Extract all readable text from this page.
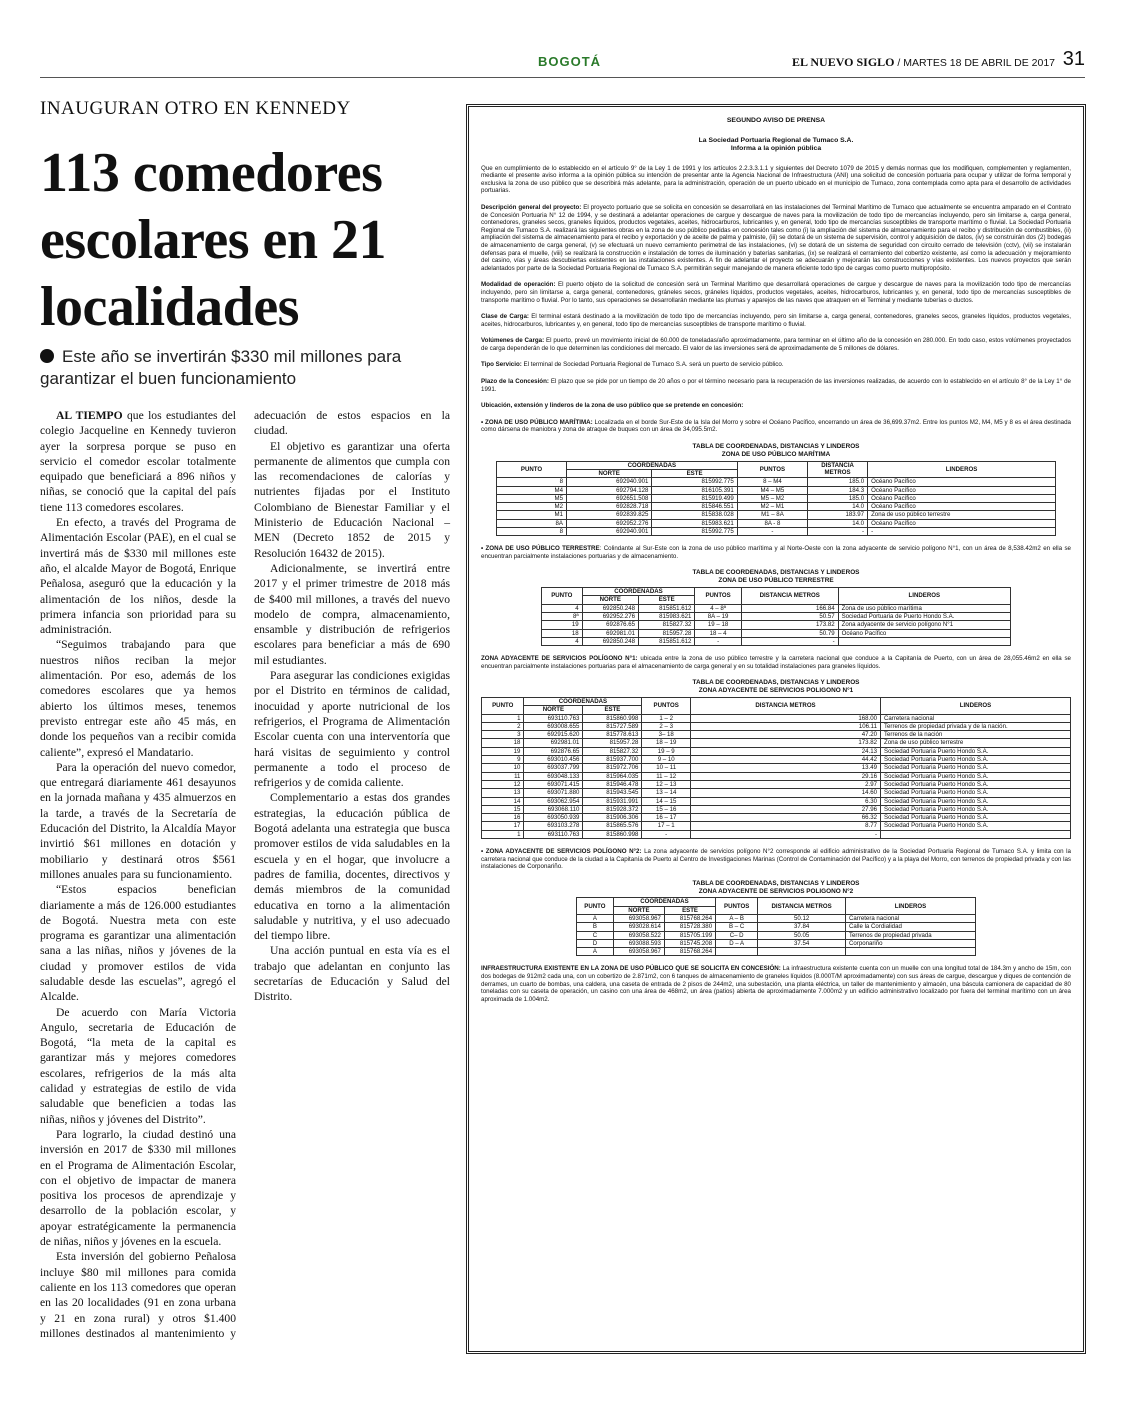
BOGOTÁ	EL NUEVO SIGLO / MARTES 18 DE ABRIL DE 2017 31
INAUGURAN OTRO EN KENNEDY
113 comedores escolares en 21 localidades
Este año se invertirán $330 mil millones para garantizar el buen funcionamiento

AL TIEMPO que los estudiantes del colegio Jacqueline en Kennedy tuvieron ayer la sorpresa porque se puso en servicio el comedor escolar totalmente equipado que beneficiará a 896 niños y niñas, se conoció que la capital del país tiene 113 comedores escolares.

En efecto, a través del Programa de Alimentación Escolar (PAE), en el cual se invertirá más de $330 mil millones este año, el alcalde Mayor de Bogotá, Enrique Peñalosa, aseguró que la educación y la alimentación de los niños, desde la primera infancia son prioridad para su administración.

“Seguimos trabajando para que nuestros niños reciban la mejor alimentación. Por eso, además de los comedores escolares que ya hemos abierto los últimos meses, tenemos previsto entregar este año 45 más, en donde los pequeños van a recibir comida caliente”, expresó el Mandatario.

Para la operación del nuevo comedor, que entregará diariamente 461 desayunos en la jornada mañana y 435 almuerzos en la tarde, a través de la Secretaría de Educación del Distrito, la Alcaldía Mayor invirtió $61 millones en dotación y mobiliario y destinará otros $561 millones anuales para su funcionamiento.

“Estos espacios benefician diariamente a más de 126.000 estudiantes de Bogotá. Nuestra meta con este programa es garantizar una alimentación sana a las niñas, niños y jóvenes de la ciudad y promover estilos de vida saludable desde las escuelas”, agregó el Alcalde.

De acuerdo con María Victoria Angulo, secretaria de Educación de Bogotá, “la meta de la capital es garantizar más y mejores comedores escolares, refrigerios de la más alta calidad y estrategias de estilo de vida saludable que beneficien a todas las niñas, niños y jóvenes del Distrito”.

Para lograrlo, la ciudad destinó una inversión en 2017 de $330 mil millones en el Programa de Alimentación Escolar, con el objetivo de impactar de manera positiva los procesos de aprendizaje y desarrollo de la población escolar, y apoyar estratégicamente la permanencia de niñas, niños y jóvenes en la escuela.

Esta inversión del gobierno Peñalosa incluye $80 mil millones para comida caliente en los 113 comedores que operan en las 20 localidades (91 en zona urbana y 21 en zona rural) y otros $1.400 millones destinados al mantenimiento y adecuación de estos espacios en la ciudad.

El objetivo es garantizar una oferta permanente de alimentos que cumpla con las recomendaciones de calorías y nutrientes fijadas por el Instituto Colombiano de Bienestar Familiar y el Ministerio de Educación Nacional – MEN (Decreto 1852 de 2015 y Resolución 16432 de 2015).

Adicionalmente, se invertirá entre 2017 y el primer trimestre de 2018 más de $400 mil millones, a través del nuevo modelo de compra, almacenamiento, ensamble y distribución de refrigerios escolares para beneficiar a más de 690 mil estudiantes.

Para asegurar las condiciones exigidas por el Distrito en términos de calidad, inocuidad y aporte nutricional de los refrigerios, el Programa de Alimentación Escolar cuenta con una interventoría que hará visitas de seguimiento y control permanente a todo el proceso de refrigerios y de comida caliente.

Complementario a estas dos grandes estrategias, la educación pública de Bogotá adelanta una estrategia que busca promover estilos de vida saludables en la escuela y en el hogar, que involucre a padres de familia, docentes, directivos y demás miembros de la comunidad educativa en torno a la alimentación saludable y nutritiva, y el uso adecuado del tiempo libre.

Una acción puntual en esta vía es el trabajo que adelantan en conjunto las secretarías de Educación y Salud del Distrito.

SEGUNDO AVISO DE PRENSA
La Sociedad Portuaria Regional de Tumaco S.A.
Informa a la opinión pública

Que en cumplimiento de lo establecido en el artículo 9° de la Ley 1 de 1991 y los artículos 2.2.3.3.1.1 y siguientes del Decreto 1079 de 2015 y demás normas que los modifiquen, complementen y reglamenten, mediante el presente aviso informa a la opinión pública su intención de presentar ante la Agencia Nacional de Infraestructura (ANI) una solicitud de concesión portuaria para ocupar y utilizar de forma temporal y exclusiva la zona de uso público que se describirá más adelante, para la administración, operación de un puerto ubicado en el municipio de Tumaco, zona contemplada como apta para el desarrollo de actividades portuarias.

Descripción general del proyecto: El proyecto portuario que se solicita en concesión se desarrollará en las instalaciones del Terminal Marítimo de Tumaco que actualmente se encuentra amparado en el Contrato de Concesión Portuaria N° 12 de 1994, y se destinará a adelantar operaciones de cargue y descargue de naves para la movilización de todo tipo de mercancías incluyendo, pero sin limitarse a, carga general, contenedores, graneles secos, graneles líquidos, productos vegetales, aceites, hidrocarburos, lubricantes y, en general, todo tipo de mercancías susceptibles de transporte marítimo o fluvial. La Sociedad Portuaria Regional de Tumaco S.A. realizará las siguientes obras en la zona de uso público pedidas en concesión tales como (i) la ampliación del sistema de almacenamiento para el recibo y distribución de combustibles, (ii) ampliación del sistema de almacenamiento para el recibo y exportación y de aceite de palma y palmiste, (iii) se dotará de un sistema de supervisión, control y adquisición de datos, (iv) se construirán dos (2) bodegas de almacenamiento de carga general, (v) se efectuará un nuevo cerramiento perimetral de las instalaciones, (vi) se dotará de un sistema de seguridad con circuito cerrado de televisión (cctv), (vii) se instalarán defensas para el muelle, (viii) se realizará la construcción e instalación de torres de iluminación y baterías sanitarias, (ix) se realizará el cerramiento del cobertizo existente, así como la adecuación y mejoramiento del casino, vías y áreas descubiertas existentes en las instalaciones existentes. A fin de adelantar el proyecto se adecuarán y mejorarán las construcciones y vías existentes. Los nuevos proyectos que serán adelantados por parte de la Sociedad Portuaria Regional de Tumaco S.A. permitirán seguir manejando de manera eficiente todo tipo de cargas como puerto multipropósito.

Modalidad de operación: El puerto objeto de la solicitud de concesión será un Terminal Marítimo que desarrollará operaciones de cargue y descargue de naves para la movilización todo tipo de mercancías incluyendo, pero sin limitarse a, carga general, contenedores, gráneles secos, gráneles líquidos, productos vegetales, aceites, hidrocarburos, lubricantes y, en general, todo tipo de mercancías susceptibles de transporte marítimo o fluvial. Por lo tanto, sus operaciones se desarrollarán mediante las plumas y aparejos de las naves que atraquen en el Terminal y mediante tuberías o ductos.

Clase de Carga: El terminal estará destinado a la movilización de todo tipo de mercancías incluyendo, pero sin limitarse a, carga general, contenedores, graneles secos, graneles líquidos, productos vegetales, aceites, hidrocarburos, lubricantes y, en general, todo tipo de mercancías susceptibles de transporte marítimo o fluvial.

Volúmenes de Carga: El puerto, prevé un movimiento inicial de 60.000 de toneladas/año aproximadamente, para terminar en el último año de la concesión en 280.000. En todo caso, estos volúmenes proyectados de carga dependerán de lo que determinen las condiciones del mercado. El valor de las inversiones será de aproximadamente de 5 millones de dólares.

Tipo Servicio: El terminal de Sociedad Portuaria Regional de Tumaco S.A. será un puerto de servicio público.

Plazo de la Concesión: El plazo que se pide por un tiempo de 20 años o por el término necesario para la recuperación de las inversiones realizadas, de acuerdo con lo establecido en el artículo 8° de la Ley 1° de 1991.

Ubicación, extensión y linderos de la zona de uso público que se pretende en concesión:

• ZONA DE USO PÚBLICO MARÍTIMA: Localizada en el borde Sur-Este de la Isla del Morro y sobre el Océano Pacífico, encerrando un área de 36,699.37m2. Entre los puntos M2, M4, M5 y 8 es el área destinada como dársena de maniobra y zona de atraque de buques con un área de 34,095.5m2.

TABLA DE COORDENADAS, DISTANCIAS Y LINDEROS
ZONA DE USO PÚBLICO MARÍTIMA
PUNTO	COORDENADAS		PUNTOS	DISTANCIA METROS	LINDEROS
	NORTE	ESTE			
8	692940.901	815992.775	8 – M4	185.0	Océano Pacífico
M4	692794.128	816105.391	M4 – M5	184.3	Océano Pacífico
M5	692651.508	815919.499	M5 – M2	185.0	Océano Pacífico
M2	692828.718	815846.551	M2 – M1	14.0	Océano Pacífico
M1	692839.825	815838.028	M1 – 8A	183.97	Zona de uso público terrestre
8A	692952.276	815983.621	8A - 8	14.0	Océano Pacífico
8	692940.901	815992.775	-	-	-

• ZONA DE USO PÚBLICO TERRESTRE: Colindante al Sur-Este con la zona de uso público marítima y al Norte-Oeste con la zona adyacente de servicio polígono N°1, con un área de 8,538.42m2 en ella se encuentran parcialmente instalaciones portuarias y de almacenamiento.

TABLA DE COORDENADAS, DISTANCIAS Y LINDEROS
ZONA DE USO PÚBLICO TERRESTRE
PUNTO	COORDENADAS		PUNTOS	DISTANCIA METROS	LINDEROS
	NORTE	ESTE			
4	692850.248	815851.612	4 – 8ª	166.84	Zona de uso público marítima
8ª	692952.276	815983.621	8A – 19	50.57	Sociedad Portuaria de Puerto Hondo S.A.
19	692876.65	815827.32	19 – 18	173.82	Zona adyacente de servicio polígono N°1
18	692981.01	815957.28	18 – 4	50.79	Océano Pacífico
4	692850.248	815851.612	-	-	

ZONA ADYACENTE DE SERVICIOS POLÍGONO N°1: ubicada entre la zona de uso público terrestre y la carretera nacional que conduce a la Capitanía de Puerto, con un área de 28,055.46m2 en ella se encuentran parcialmente instalaciones portuarias para el almacenamiento de carga general y en su totalidad instalaciones para graneles líquidos.

TABLA DE COORDENADAS, DISTANCIAS Y LINDEROS
ZONA ADYACENTE DE SERVICIOS POLIGONO N°1
PUNTO	COORDENADAS		PUNTOS	DISTANCIA METROS	LINDEROS
	NORTE	ESTE			
1	693110.763	815860.998	1 – 2	168.00	Carretera nacional
2	693008.655	815727.589	2 – 3	106.11	Terrenos de propiedad privada y de la nación.
3	692915.620	815778.613	3– 18	47.20	Terrenos de la nación
18	692981.01	815957.28	18 – 19	173.82	Zona de uso público terrestre
19	692876.65	815827.32	19 – 9	24.13	Sociedad Portuaria Puerto Hondo S.A.
9	693010.456	815937.700	9 – 10	44.42	Sociedad Portuaria Puerto Hondo S.A.
10	693037.799	815972.706	10 – 11	13.49	Sociedad Portuaria Puerto Hondo S.A.
11	693048.133	815964.035	11 – 12	29.16	Sociedad Portuaria Puerto Hondo S.A.
12	693071.415	815946.478	12 – 13	2.97	Sociedad Portuaria Puerto Hondo S.A.
13	693071.880	815943.545	13 – 14	14.60	Sociedad Portuaria Puerto Hondo S.A.
14	693062.954	815931.991	14 – 15	6.30	Sociedad Portuaria Puerto Hondo S.A.
15	693068.110	815928.372	15 – 16	27.96	Sociedad Portuaria Puerto Hondo S.A.
16	693050.939	815906.306	16 – 17	66.32	Sociedad Portuaria Puerto Hondo S.A.
17	693103.278	815865.576	17 – 1	8.77	Sociedad Portuaria Puerto Hondo S.A.
1	693110.763	815860.998	-	-	

• ZONA ADYACENTE DE SERVICIOS POLÍGONO N°2: La zona adyacente de servicios polígono N°2 corresponde al edificio administrativo de la Sociedad Portuaria Regional de Tumaco S.A. y limita con la carretera nacional que conduce de la ciudad a la Capitanía de Puerto al Centro de Investigaciones Marinas (Control de Contaminación del Pacífico) y a la playa del Morro, con terrenos de propiedad privada y con las instalaciones de Corponariño.

TABLA DE COORDENADAS, DISTANCIAS Y LINDEROS
ZONA ADYACENTE DE SERVICIOS POLIGONO N°2
PUNTO	COORDENADAS		PUNTOS	DISTANCIA METROS	LINDEROS
	NORTE	ESTE			
A	693058.967	815768.264	A – B	50.12	Carretera nacional
B	693028.614	815728.380	B – C	37.84	Calle la Cordialidad
C	693058.522	815705.199	C– D	50.05	Terrenos de propiedad privada
D	693088.593	815745.208	D – A	37.54	Corponariño
A	693058.967	815768.264			

INFRAESTRUCTURA EXISTENTE EN LA ZONA DE USO PÚBLICO QUE SE SOLICITA EN CONCESIÓN: La infraestructura existente cuenta con un muelle con una longitud total de 184.3m y ancho de 15m, con dos bodegas de 912m2 cada una, con un cobertizo de 2.871m2, con 6 tanques de almacenamiento de graneles líquidos (8.000T/M aproximadamente) con sus áreas de cargue, descargue y diques de contención de derrames, un cuarto de bombas, una caldera, una caseta de entrada de 2 pisos de 244m2, una subestación, una planta eléctrica, un taller de mantenimiento y almacén, una báscula camionera de capacidad de 80 toneladas con su caseta de operación, un casino con una área de 468m2, un área (patios) abierta de aproximadamente 7.000m2 y un edificio administrativo localizado por fuera del terminal marítimo con un área aproximada de 1.004m2.
